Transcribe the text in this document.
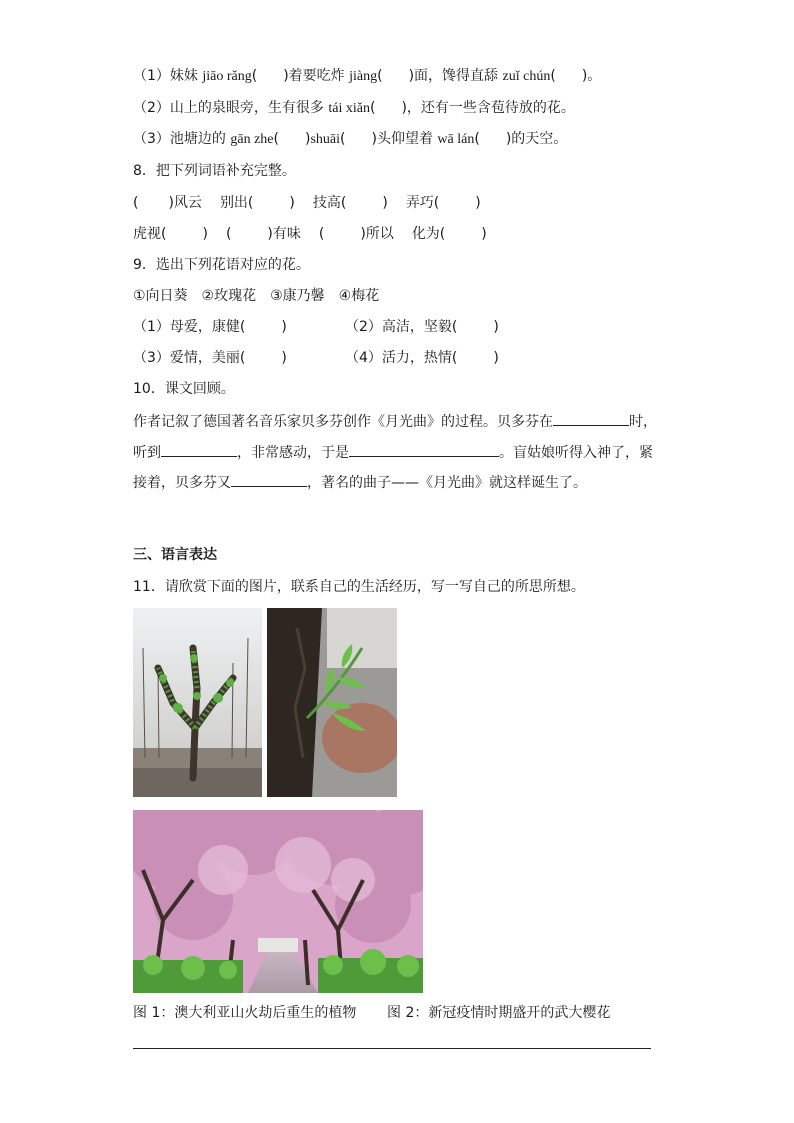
（1）妹妹 jiāo rǎng( )着要吃炸 jiàng( )面，馋得直舔 zuǐ chún( )。
（2）山上的泉眼旁，生有很多 tái xiǎn( )，还有一些含苞待放的花。
（3）池塘边的 gān zhe( )shuāi( )头仰望着 wā lán( )的天空。
8．把下列词语补充完整。
( )风云 别出(	) 技高(	) 弄巧(	)
虎视(	) (	)有味 (	)所以 化为(	)
9．选出下列花语对应的花。
①向日葵　②玫瑰花　③康乃馨　④梅花
（1）母爱，康健(	)	（2）高洁，坚毅(	)
（3）爱情，美丽(	)	（4）活力，热情(	)
10．课文回顾。
作者记叙了德国著名音乐家贝多芬创作《月光曲》的过程。贝多芬在	时，
听到	，非常感动，于是	。盲姑娘听得入神了，紧
接着，贝多芬又	，著名的曲子——《月光曲》就这样诞生了。
三、语言表达
11．请欣赏下面的图片，联系自己的生活经历，写一写自己的所思所想。
图 1：澳大利亚山火劫后重生的植物 图 2：新冠疫情时期盛开的武大樱花
